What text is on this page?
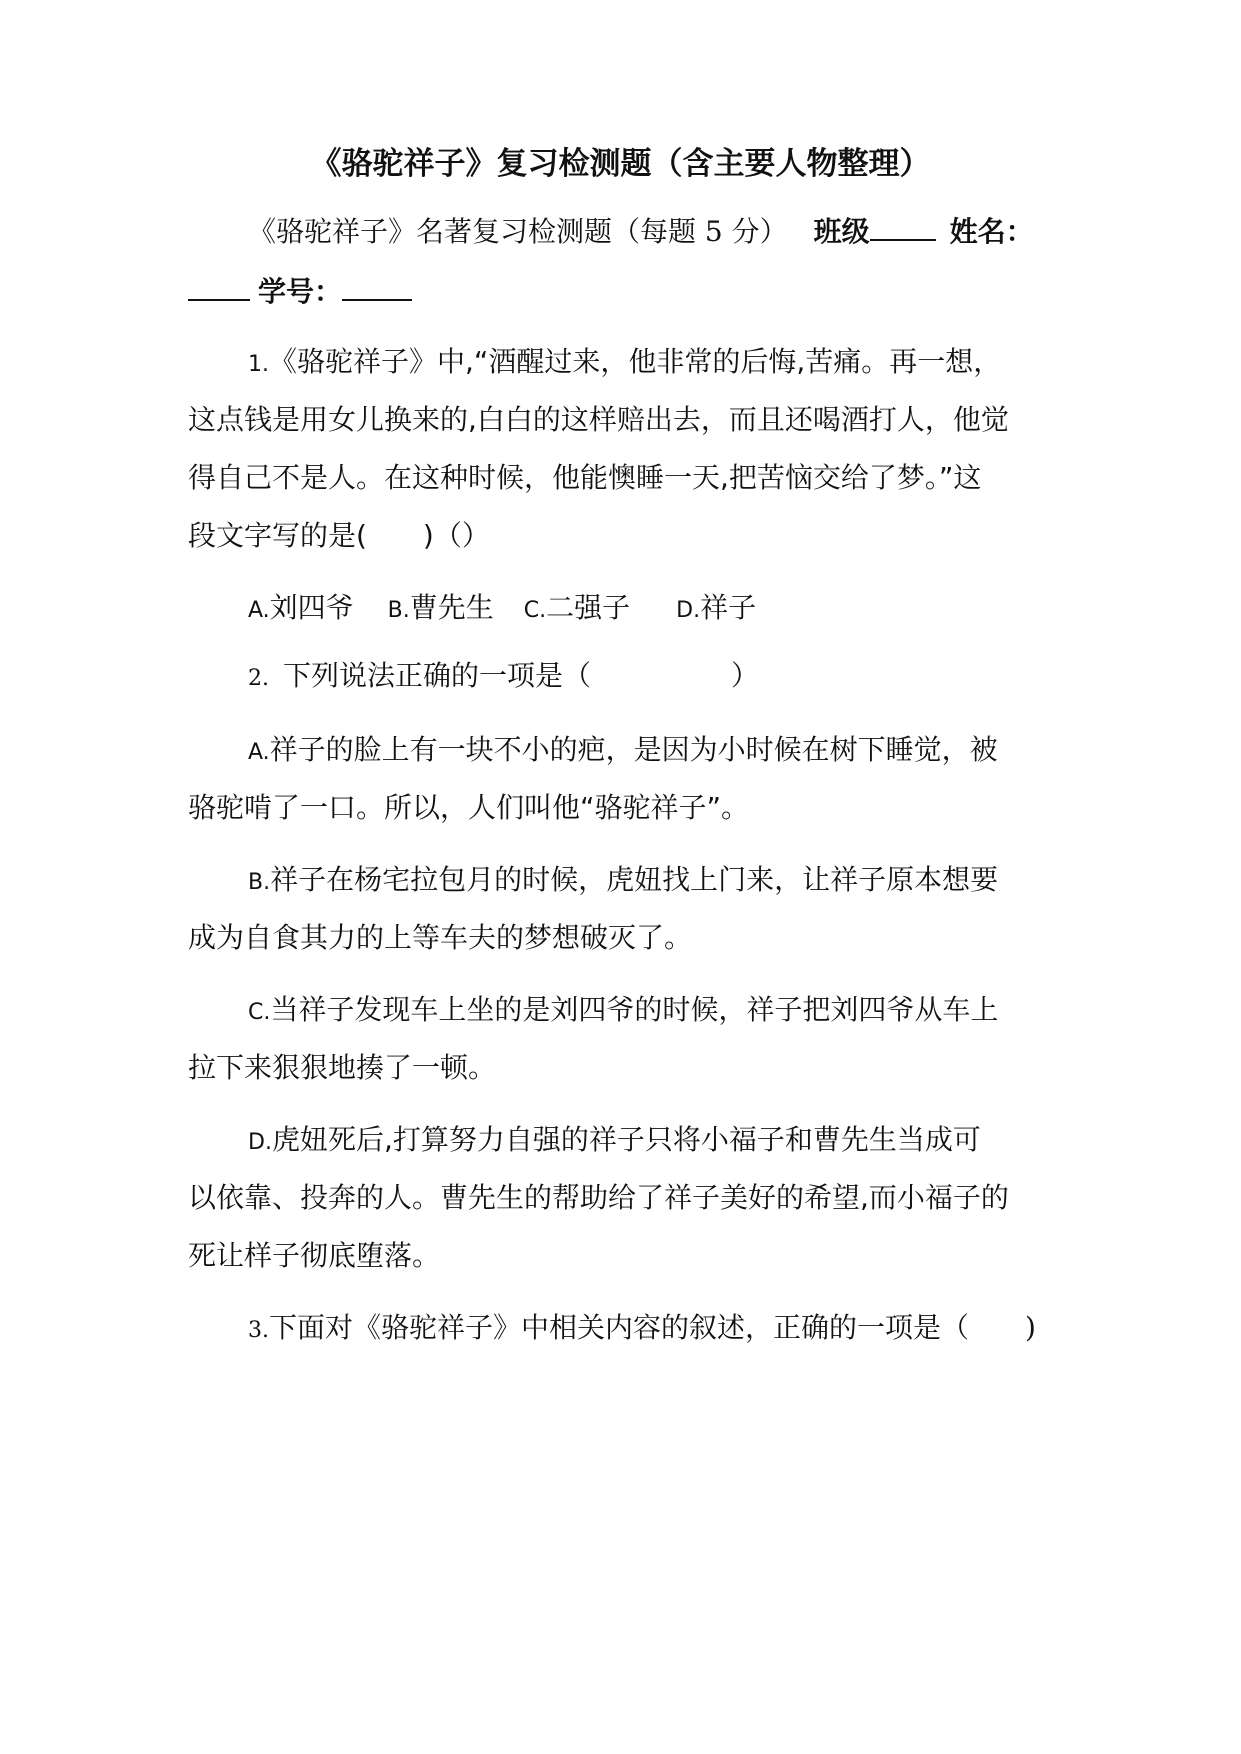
《骆驼祥子》复习检测题（含主要人物整理）
《骆驼祥子》名著复习检测题（每题 5 分） 班级	姓名：
学号：
1.《骆驼祥子》中,“酒醒过来，他非常的后悔,苦痛。再一想，
这点钱是用女儿换来的,白白的这样赔出去，而且还喝酒打人，他觉
得自己不是人。在这种时候，他能懊睡一天,把苦恼交给了梦。”这
段文字写的是(　　)（）
A.刘四爷 B.曹先生 C.二强子 D.祥子
2. 下列说法正确的一项是（　　　　　）
A.祥子的脸上有一块不小的疤，是因为小时候在树下睡觉，被
骆驼啃了一口。所以，人们叫他“骆驼祥子”。
B.祥子在杨宅拉包月的时候，虎妞找上门来，让祥子原本想要
成为自食其力的上等车夫的梦想破灭了。
C.当祥子发现车上坐的是刘四爷的时候，祥子把刘四爷从车上
拉下来狠狠地揍了一顿。
D.虎妞死后,打算努力自强的祥子只将小福子和曹先生当成可
以依靠、投奔的人。曹先生的帮助给了祥子美好的希望,而小福子的
死让样子彻底堕落。
3.下面对《骆驼祥子》中相关内容的叙述，正确的一项是（　　)
